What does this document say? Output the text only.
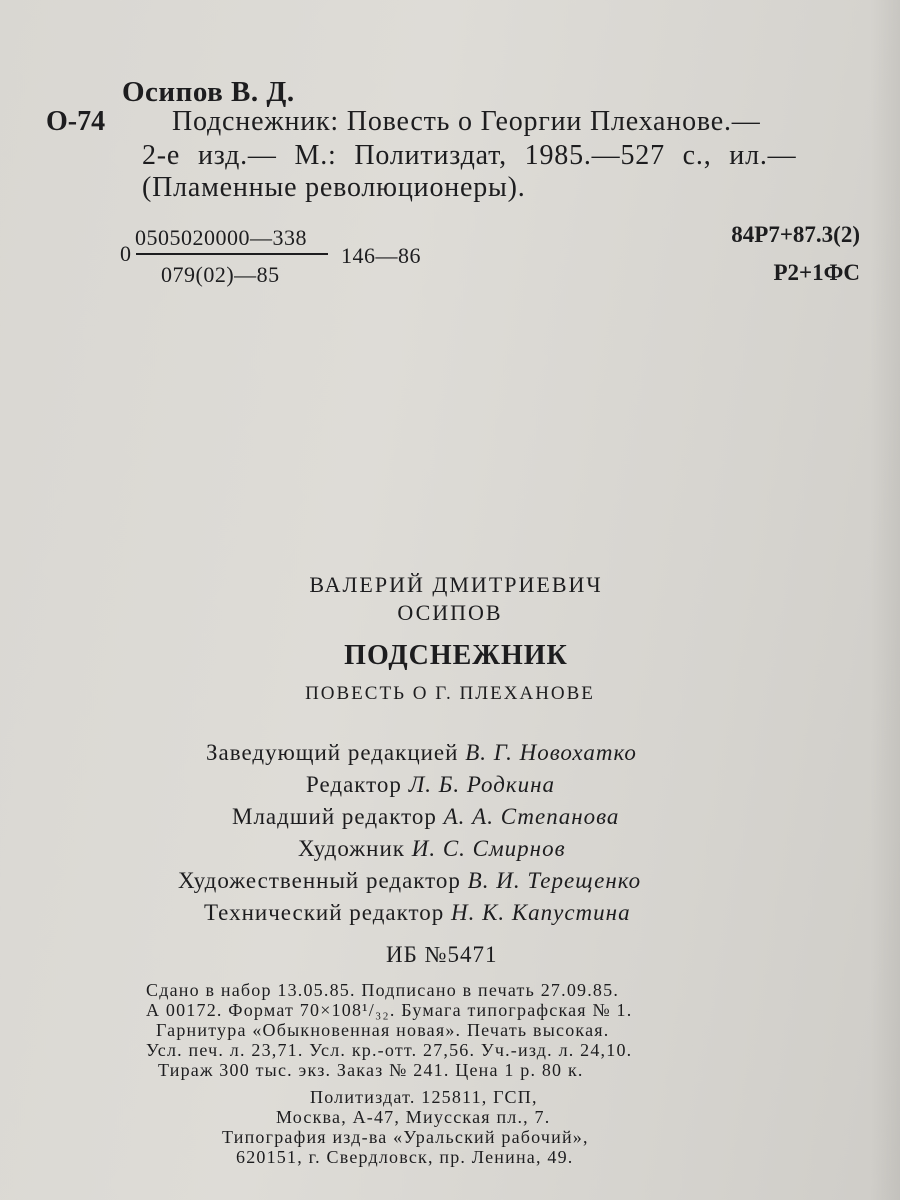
Осипов В. Д.
О-74 Подснежник: Повесть о Георгии Плеханове.—
2-е изд.— М.: Политиздат, 1985.—527 с., ил.—
(Пламенные революционеры).
0
0505020000—338
079(02)—85
146—86
84Р7+87.3(2)
Р2+1ФС
ВАЛЕРИЙ ДМИТРИЕВИЧ
ОСИПОВ
ПОДСНЕЖНИК
ПОВЕСТЬ О Г. ПЛЕХАНОВЕ
Заведующий редакцией В. Г. Новохатко
Редактор Л. Б. Родкина
Младший редактор А. А. Степанова
Художник И. С. Смирнов
Художественный редактор В. И. Терещенко
Технический редактор Н. К. Капустина
ИБ №5471
Сдано в набор 13.05.85. Подписано в печать 27.09.85.
А 00172. Формат 70×108¹/₃₂. Бумага типографская № 1.
Гарнитура «Обыкновенная новая». Печать высокая.
Усл. печ. л. 23,71. Усл. кр.-отт. 27,56. Уч.-изд. л. 24,10.
Тираж 300 тыс. экз. Заказ № 241. Цена 1 р. 80 к.
Политиздат. 125811, ГСП,
Москва, А-47, Миусская пл., 7.
Типография изд-ва «Уральский рабочий»,
620151, г. Свердловск, пр. Ленина, 49.
